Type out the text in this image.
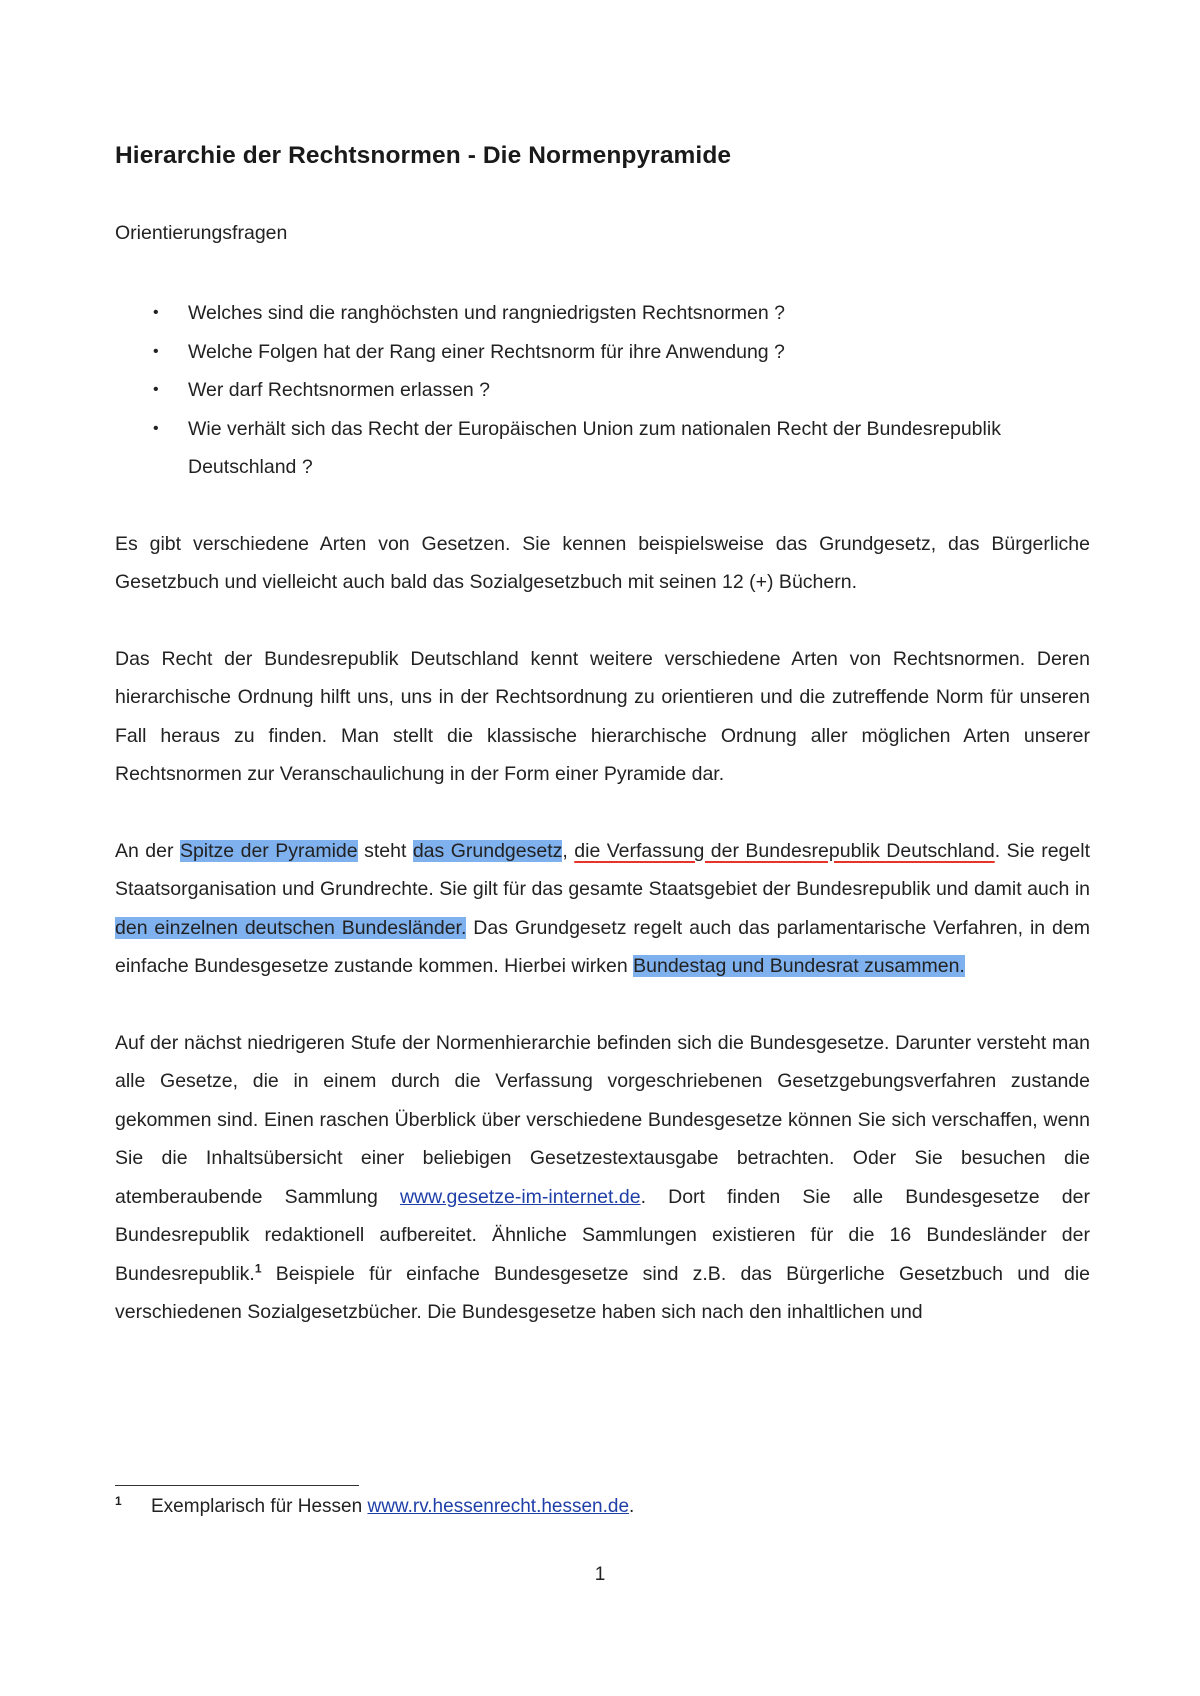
Hierarchie der Rechtsnormen - Die Normenpyramide
Orientierungsfragen
• Welches sind die ranghöchsten und rangniedrigsten Rechtsnormen ?
• Welche Folgen hat der Rang einer Rechtsnorm für ihre Anwendung ?
• Wer darf Rechtsnormen erlassen ?
• Wie verhält sich das Recht der Europäischen Union zum nationalen Recht der Bundesrepublik Deutschland ?

Es gibt verschiedene Arten von Gesetzen. Sie kennen beispielsweise das Grundgesetz, das Bürgerliche Gesetzbuch und vielleicht auch bald das Sozialgesetzbuch mit seinen 12 (+) Büchern.

Das Recht der Bundesrepublik Deutschland kennt weitere verschiedene Arten von Rechtsnormen. Deren hierarchische Ordnung hilft uns, uns in der Rechtsordnung zu orientieren und die zutreffende Norm für unseren Fall heraus zu finden. Man stellt die klassische hierarchische Ordnung aller möglichen Arten unserer Rechtsnormen zur Veranschaulichung in der Form einer Pyramide dar.

An der Spitze der Pyramide steht das Grundgesetz, die Verfassung der Bundesrepublik Deutschland. Sie regelt Staatsorganisation und Grundrechte. Sie gilt für das gesamte Staatsgebiet der Bundesrepublik und damit auch in den einzelnen deutschen Bundesländer. Das Grundgesetz regelt auch das parlamentarische Verfahren, in dem einfache Bundesgesetze zustande kommen. Hierbei wirken Bundestag und Bundesrat zusammen.

Auf der nächst niedrigeren Stufe der Normenhierarchie befinden sich die Bundesgesetze. Darunter versteht man alle Gesetze, die in einem durch die Verfassung vorgeschriebenen Gesetzgebungsverfahren zustande gekommen sind. Einen raschen Überblick über verschiedene Bundesgesetze können Sie sich verschaffen, wenn Sie die Inhaltsübersicht einer beliebigen Gesetzestextausgabe betrachten. Oder Sie besuchen die atemberaubende Sammlung www.gesetze-im-internet.de. Dort finden Sie alle Bundesgesetze der Bundesrepublik redaktionell aufbereitet. Ähnliche Sammlungen existieren für die 16 Bundesländer der Bundesrepublik.$^1$ Beispiele für einfache Bundesgesetze sind z.B. das Bürgerliche Gesetzbuch und die verschiedenen Sozialgesetzbücher. Die Bundesgesetze haben sich nach den inhaltlichen und

1 Exemplarisch für Hessen www.rv.hessenrecht.hessen.de.
1
